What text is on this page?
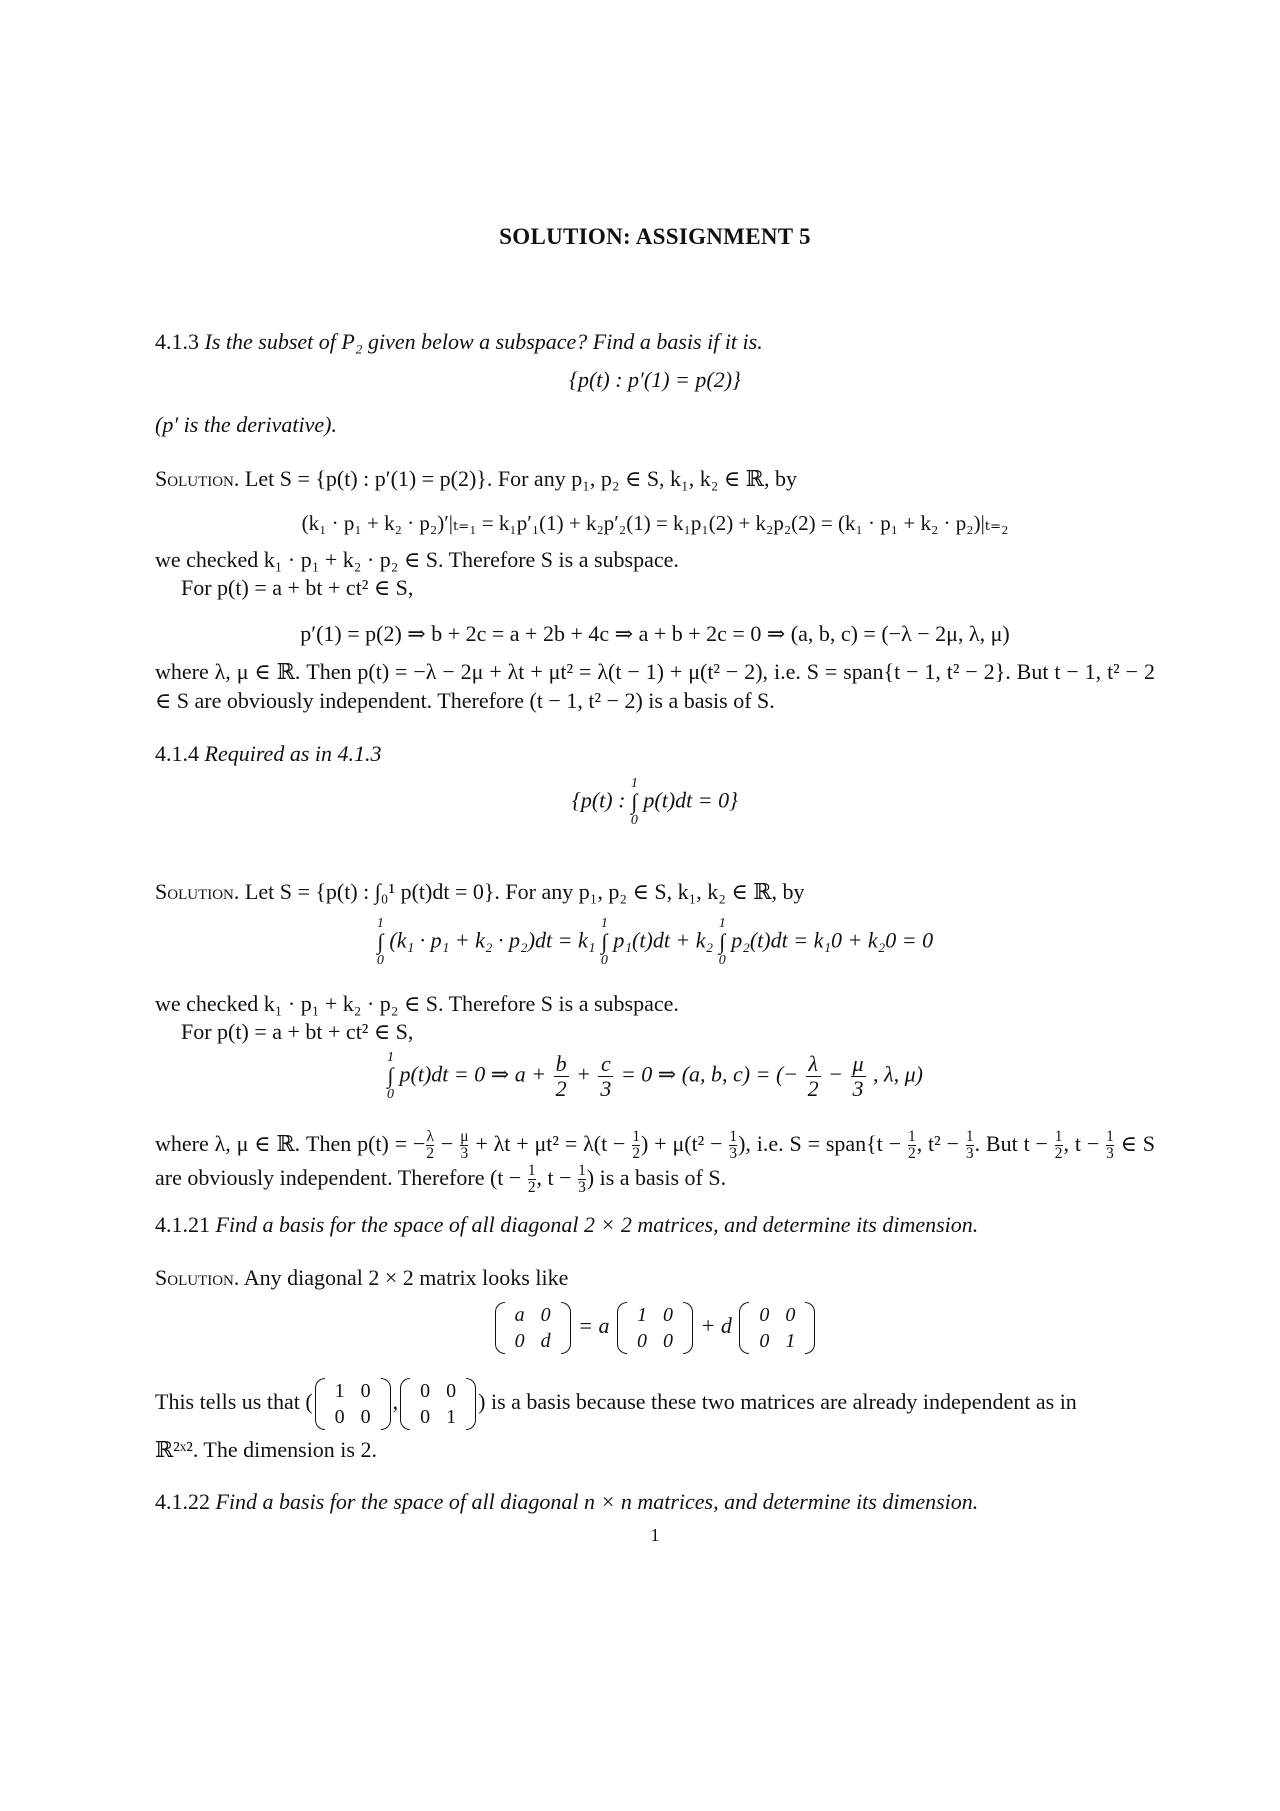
SOLUTION: ASSIGNMENT 5
4.1.3 Is the subset of P₂ given below a subspace? Find a basis if it is.
{p(t) : p′(1) = p(2)}
(p′ is the derivative).
Solution. Let S = {p(t) : p′(1) = p(2)}. For any p₁, p₂ ∈ S, k₁, k₂ ∈ ℝ, by
(k₁ · p₁ + k₂ · p₂)′|ₜ₌₁ = k₁p′₁(1) + k₂p′₂(1) = k₁p₁(2) + k₂p₂(2) = (k₁ · p₁ + k₂ · p₂)|ₜ₌₂
we checked k₁ · p₁ + k₂ · p₂ ∈ S. Therefore S is a subspace.
For p(t) = a + bt + ct² ∈ S,
p′(1) = p(2) ⇒ b + 2c = a + 2b + 4c ⇒ a + b + 2c = 0 ⇒ (a, b, c) = (−λ − 2μ, λ, μ)
where λ, μ ∈ ℝ. Then p(t) = −λ − 2μ + λt + μt² = λ(t − 1) + μ(t² − 2), i.e. S = span{t − 1, t² − 2}. But t − 1, t² − 2 ∈ S are obviously independent. Therefore (t − 1, t² − 2) is a basis of S.
4.1.4 Required as in 4.1.3
{p(t) :
1
∫
0
p(t)dt = 0}
Solution. Let S = {p(t) : ∫₀¹ p(t)dt = 0}. For any p₁, p₂ ∈ S, k₁, k₂ ∈ ℝ, by
1
∫
0
(k₁ · p₁ + k₂ · p₂)dt = k₁
1
∫
0
p₁(t)dt + k₂
1
∫
0
p₂(t)dt = k₁0 + k₂0 = 0
we checked k₁ · p₁ + k₂ · p₂ ∈ S. Therefore S is a subspace.
For p(t) = a + bt + ct² ∈ S,
1
∫
0
p(t)dt = 0 ⇒ $a + \frac{b}{2} + \frac{c}{3} = 0$ ⇒ (a, b, c) = (− $\frac{\lambda}{2} - \frac{\mu}{3}$ , λ, μ)
where λ, μ ∈ ℝ. Then p(t) = − $\frac{\lambda}{2} - \frac{\mu}{3} + \lambda t + \mu t^2 = \lambda(t - \frac{1}{2}$ ) + $\mu(t^2 - \frac{1}{3}$ ), i.e. S = span{t − $\frac{1}{2}$ , $t^2 - \frac{1}{3}$ . But $t - \frac{1}{2}$ , $t - \frac{1}{3}$ ∈ S are obviously independent. Therefore ($t - \frac{1}{2}$ , $t - \frac{1}{3}$ ) is a basis of S.
4.1.21 Find a basis for the space of all diagonal 2 × 2 matrices, and determine its dimension.
Solution. Any diagonal 2 × 2 matrix looks like
a	0
0	d
= a 1	0
0	0
+ d 0	0
0	1
This tells us that ( 1	0
0	0
, 0	0
0	1
) is a basis because these two matrices are already independent as in
ℝ²ˣ². The dimension is 2.
4.1.22 Find a basis for the space of all diagonal n × n matrices, and determine its dimension.
1
